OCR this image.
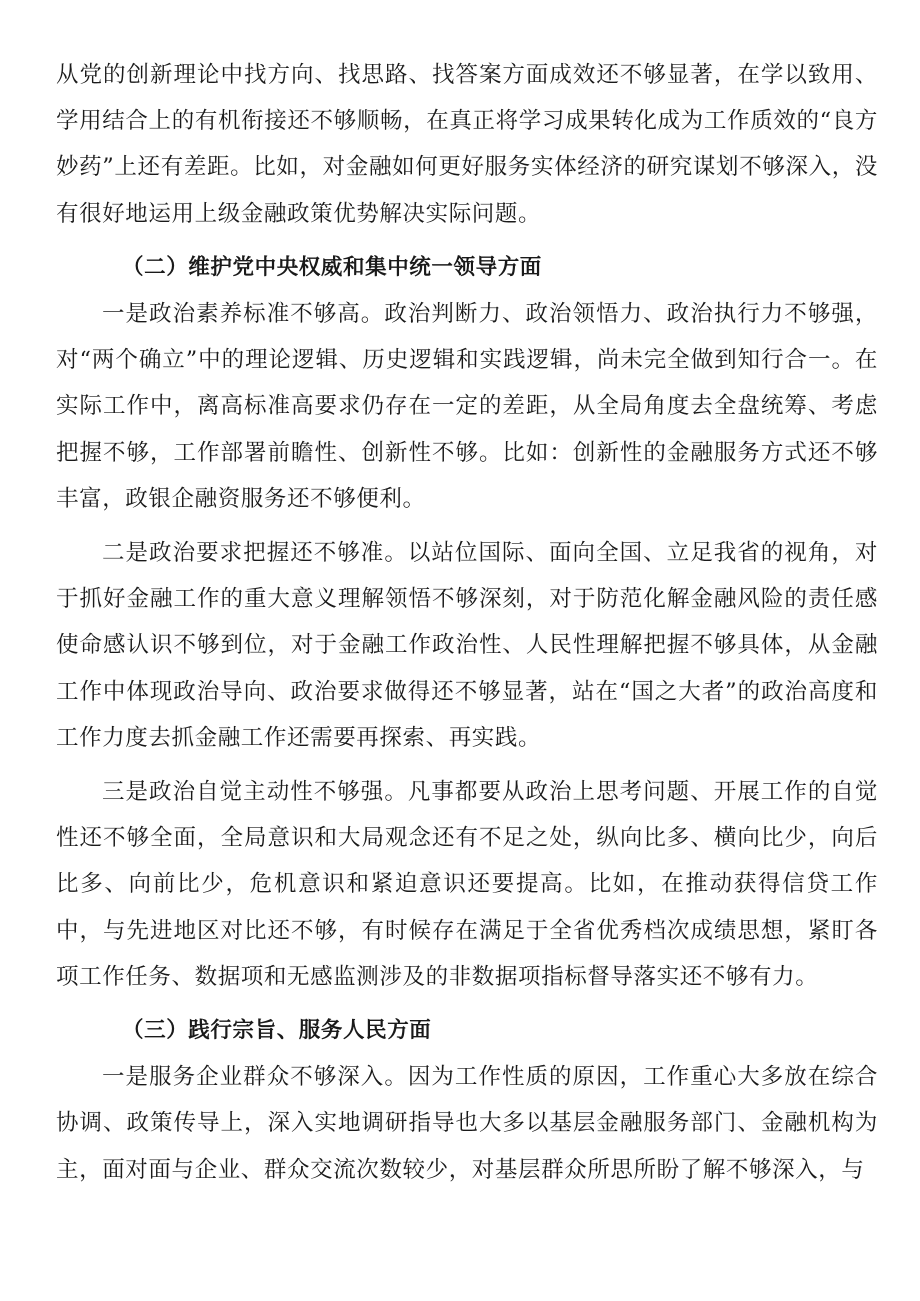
从党的创新理论中找方向、找思路、找答案方面成效还不够显著，在学以致用、学用结合上的有机衔接还不够顺畅，在真正将学习成果转化成为工作质效的“良方妙药”上还有差距。比如，对金融如何更好服务实体经济的研究谋划不够深入，没有很好地运用上级金融政策优势解决实际问题。

（二）维护党中央权威和集中统一领导方面

一是政治素养标准不够高。政治判断力、政治领悟力、政治执行力不够强，对“两个确立”中的理论逻辑、历史逻辑和实践逻辑，尚未完全做到知行合一。在实际工作中，离高标准高要求仍存在一定的差距，从全局角度去全盘统筹、考虑把握不够，工作部署前瞻性、创新性不够。比如：创新性的金融服务方式还不够丰富，政银企融资服务还不够便利。

二是政治要求把握还不够准。以站位国际、面向全国、立足我省的视角，对于抓好金融工作的重大意义理解领悟不够深刻，对于防范化解金融风险的责任感使命感认识不够到位，对于金融工作政治性、人民性理解把握不够具体，从金融工作中体现政治导向、政治要求做得还不够显著，站在“国之大者”的政治高度和工作力度去抓金融工作还需要再探索、再实践。

三是政治自觉主动性不够强。凡事都要从政治上思考问题、开展工作的自觉性还不够全面，全局意识和大局观念还有不足之处，纵向比多、横向比少，向后比多、向前比少，危机意识和紧迫意识还要提高。比如，在推动获得信贷工作中，与先进地区对比还不够，有时候存在满足于全省优秀档次成绩思想，紧盯各项工作任务、数据项和无感监测涉及的非数据项指标督导落实还不够有力。

（三）践行宗旨、服务人民方面

一是服务企业群众不够深入。因为工作性质的原因，工作重心大多放在综合协调、政策传导上，深入实地调研指导也大多以基层金融服务部门、金融机构为主，面对面与企业、群众交流次数较少，对基层群众所思所盼了解不够深入，与
